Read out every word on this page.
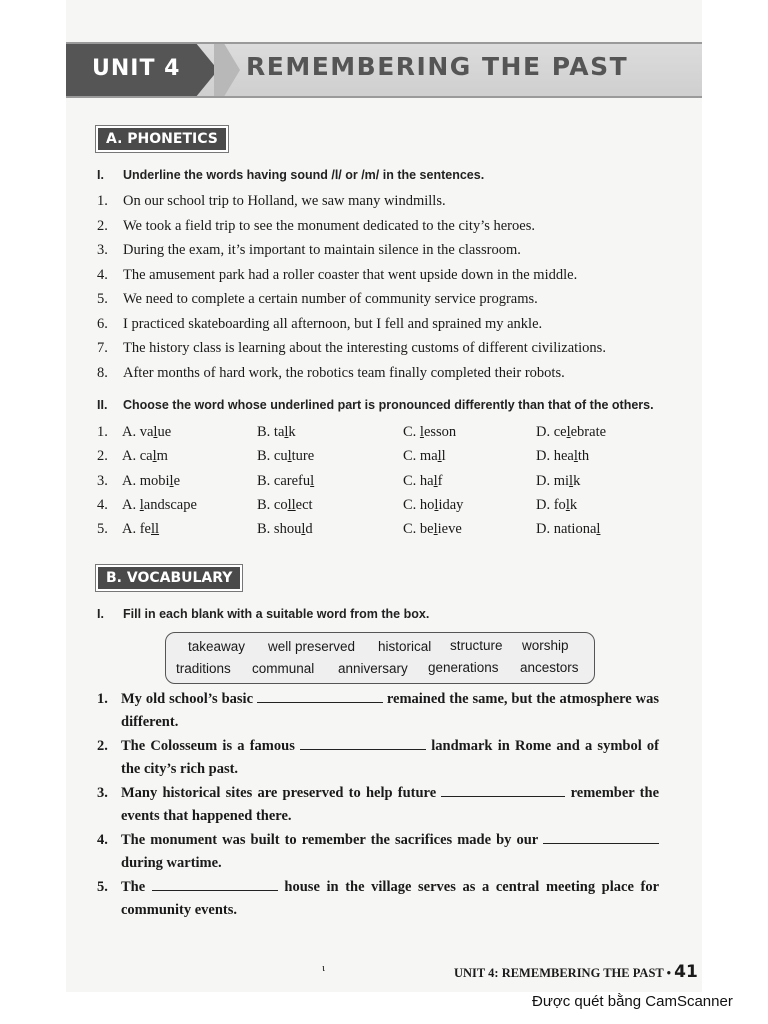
UNIT 4	REMEMBERING THE PAST
A. PHONETICS
I. Underline the words having sound /l/ or /m/ in the sentences.
1. On our school trip to Holland, we saw many windmills.
2. We took a field trip to see the monument dedicated to the city’s heroes.
3. During the exam, it’s important to maintain silence in the classroom.
4. The amusement park had a roller coaster that went upside down in the middle.
5. We need to complete a certain number of community service programs.
6. I practiced skateboarding all afternoon, but I fell and sprained my ankle.
7. The history class is learning about the interesting customs of different civilizations.
8. After months of hard work, the robotics team finally completed their robots.
II. Choose the word whose underlined part is pronounced differently than that of the others.
1. A. value	B. talk	C. lesson	D. celebrate
2. A. calm	B. culture	C. mall	D. health
3. A. mobile	B. careful	C. half	D. milk
4. A. landscape	B. collect	C. holiday	D. folk
5. A. fell	B. should	C. believe	D. national
B. VOCABULARY
I. Fill in each blank with a suitable word from the box.
takeaway well preserved historical structure worship
traditions communal anniversary generations ancestors
1. My old school’s basic	remained the same, but the atmosphere was different.
2. The Colosseum is a famous	landmark in Rome and a symbol of the city’s rich past.
3. Many historical sites are preserved to help future	remember the events that happened there.
4. The monument was built to remember the sacrifices made by our  during wartime.
5. The	house in the village serves as a central meeting place for community events.
ι	UNIT 4: REMEMBERING THE PAST • 41
Được quét bằng CamScanner
